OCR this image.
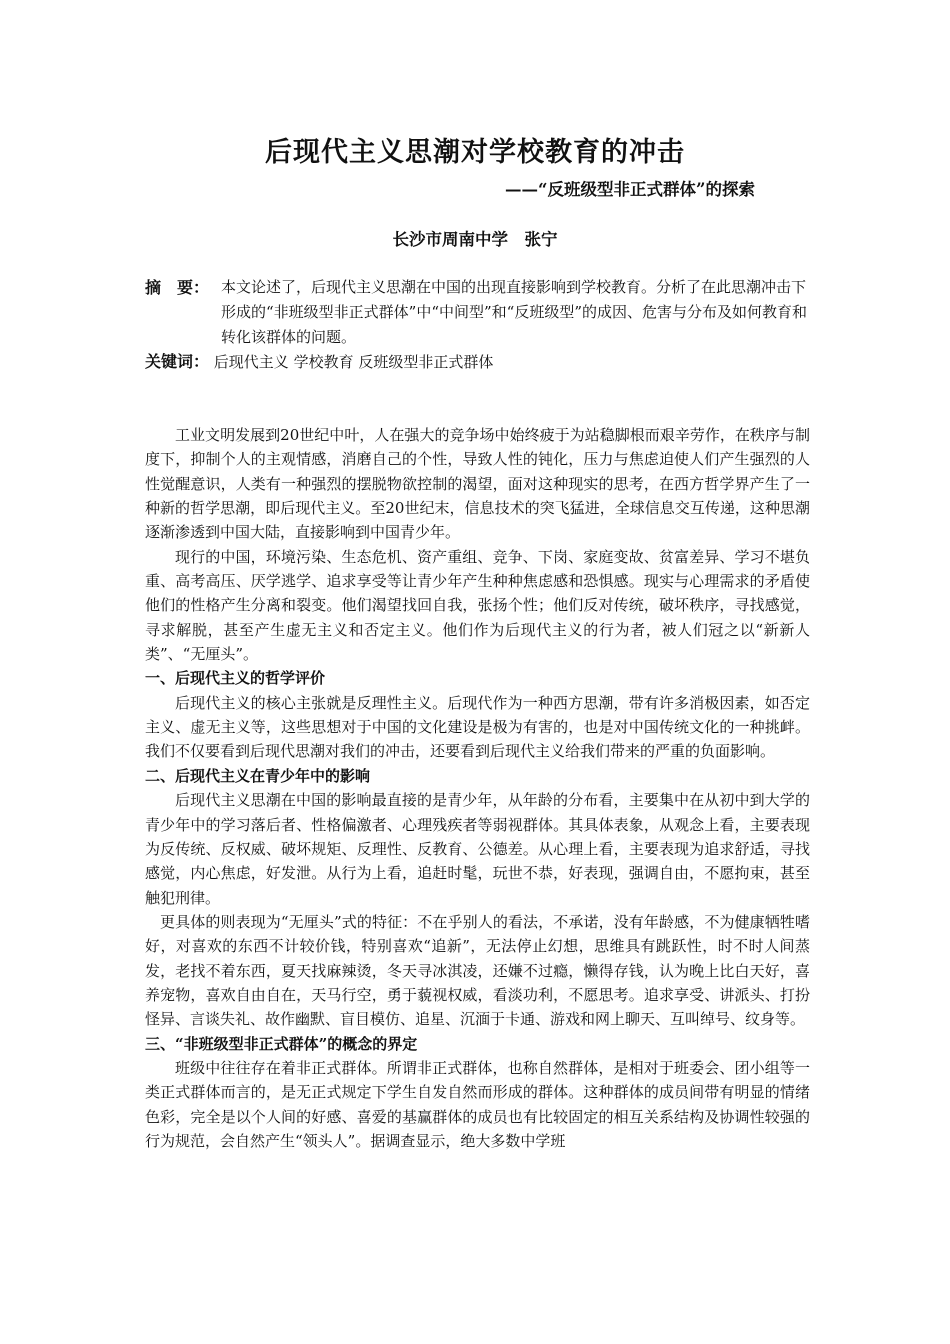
后现代主义思潮对学校教育的冲击
——“反班级型非正式群体”的探索
长沙市周南中学　张宁
摘　要： 本文论述了，后现代主义思潮在中国的出现直接影响到学校教育。分析了在此思潮冲击下形成的“非班级型非正式群体”中“中间型”和“反班级型”的成因、危害与分布及如何教育和转化该群体的问题。
关键词： 后现代主义 学校教育 反班级型非正式群体

工业文明发展到20世纪中叶，人在强大的竞争场中始终疲于为站稳脚根而艰辛劳作，在秩序与制度下，抑制个人的主观情感，消磨自己的个性，导致人性的钝化，压力与焦虑迫使人们产生强烈的人性觉醒意识，人类有一种强烈的摆脱物欲控制的渴望，面对这种现实的思考，在西方哲学界产生了一种新的哲学思潮，即后现代主义。至20世纪末，信息技术的突飞猛进，全球信息交互传递，这种思潮逐渐渗透到中国大陆，直接影响到中国青少年。

现行的中国，环境污染、生态危机、资产重组、竞争、下岗、家庭变故、贫富差异、学习不堪负重、高考高压、厌学逃学、追求享受等让青少年产生种种焦虑感和恐惧感。现实与心理需求的矛盾使他们的性格产生分离和裂变。他们渴望找回自我，张扬个性；他们反对传统，破坏秩序，寻找感觉，寻求解脱，甚至产生虚无主义和否定主义。他们作为后现代主义的行为者，被人们冠之以“新新人类”、“无厘头”。

一、后现代主义的哲学评价

后现代主义的核心主张就是反理性主义。后现代作为一种西方思潮，带有许多消极因素，如否定主义、虚无主义等，这些思想对于中国的文化建设是极为有害的，也是对中国传统文化的一种挑衅。我们不仅要看到后现代思潮对我们的冲击，还要看到后现代主义给我们带来的严重的负面影响。

二、后现代主义在青少年中的影响

后现代主义思潮在中国的影响最直接的是青少年，从年龄的分布看，主要集中在从初中到大学的青少年中的学习落后者、性格偏激者、心理残疾者等弱视群体。其具体表象，从观念上看，主要表现为反传统、反权威、破坏规矩、反理性、反教育、公德差。从心理上看，主要表现为追求舒适，寻找感觉，内心焦虑，好发泄。从行为上看，追赶时髦，玩世不恭，好表现，强调自由，不愿拘束，甚至触犯刑律。

更具体的则表现为“无厘头”式的特征：不在乎别人的看法，不承诺，没有年龄感，不为健康牺牲嗜好，对喜欢的东西不计较价钱，特别喜欢“追新”，无法停止幻想，思维具有跳跃性，时不时人间蒸发，老找不着东西，夏天找麻辣烫，冬天寻冰淇凌，还嫌不过瘾，懒得存钱，认为晚上比白天好，喜养宠物，喜欢自由自在，天马行空，勇于藐视权威，看淡功利，不愿思考。追求享受、讲派头、打扮怪异、言谈失礼、故作幽默、盲目模仿、追星、沉湎于卡通、游戏和网上聊天、互叫绰号、纹身等。

三、“非班级型非正式群体”的概念的界定

班级中往往存在着非正式群体。所谓非正式群体，也称自然群体，是相对于班委会、团小组等一类正式群体而言的，是无正式规定下学生自发自然而形成的群体。这种群体的成员间带有明显的情绪色彩，完全是以个人间的好感、喜爱的基赢群体的成员也有比较固定的相互关系结构及协调性较强的行为规范，会自然产生“领头人”。据调查显示，绝大多数中学班
